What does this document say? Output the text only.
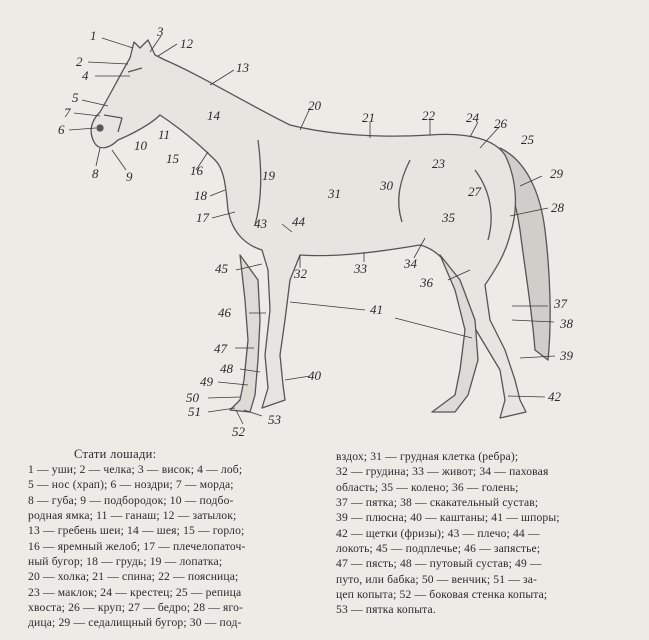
1
2
3
4
5
6
7
8 9
10
11
12
13
14
15
16
17
18
19
20
21	22
23
24
25
26
27
28
29
30
31
32	33	34
35
36
37
38
39
40
41
42
43 44
45
46
47
48
49
50
51
52
53
Стати лошади:
1 — уши; 2 — челка; 3 — висок; 4 — лоб;
5 — нос (храп); 6 — ноздри; 7 — морда;
8 — губа; 9 — подбородок; 10 — подбо-
родная ямка; 11 — ганаш; 12 — затылок;
13 — гребень шеи; 14 — шея; 15 — горло;
16 — яремный желоб; 17 — плечелопаточ-
ный бугор; 18 — грудь; 19 — лопатка;
20 — холка; 21 — спина; 22 — поясница;
23 — маклок; 24 — крестец; 25 — репица
хвоста; 26 — круп; 27 — бедро; 28 — яго-
дица; 29 — седалищный бугор; 30 — под-
вздох; 31 — грудная клетка (ребра);
32 — грудина; 33 — живот; 34 — паховая
область; 35 — колено; 36 — голень;
37 — пятка; 38 — скакательный сустав;
39 — плюсна; 40 — каштаны; 41 — шпоры;
42 — щетки (фризы); 43 — плечо; 44 —
локоть; 45 — подплечье; 46 — запястье;
47 — пясть; 48 — путовый сустав; 49 —
путо, или бабка; 50 — венчик; 51 — за-
цеп копыта; 52 — боковая стенка копыта;
53 — пятка копыта.
